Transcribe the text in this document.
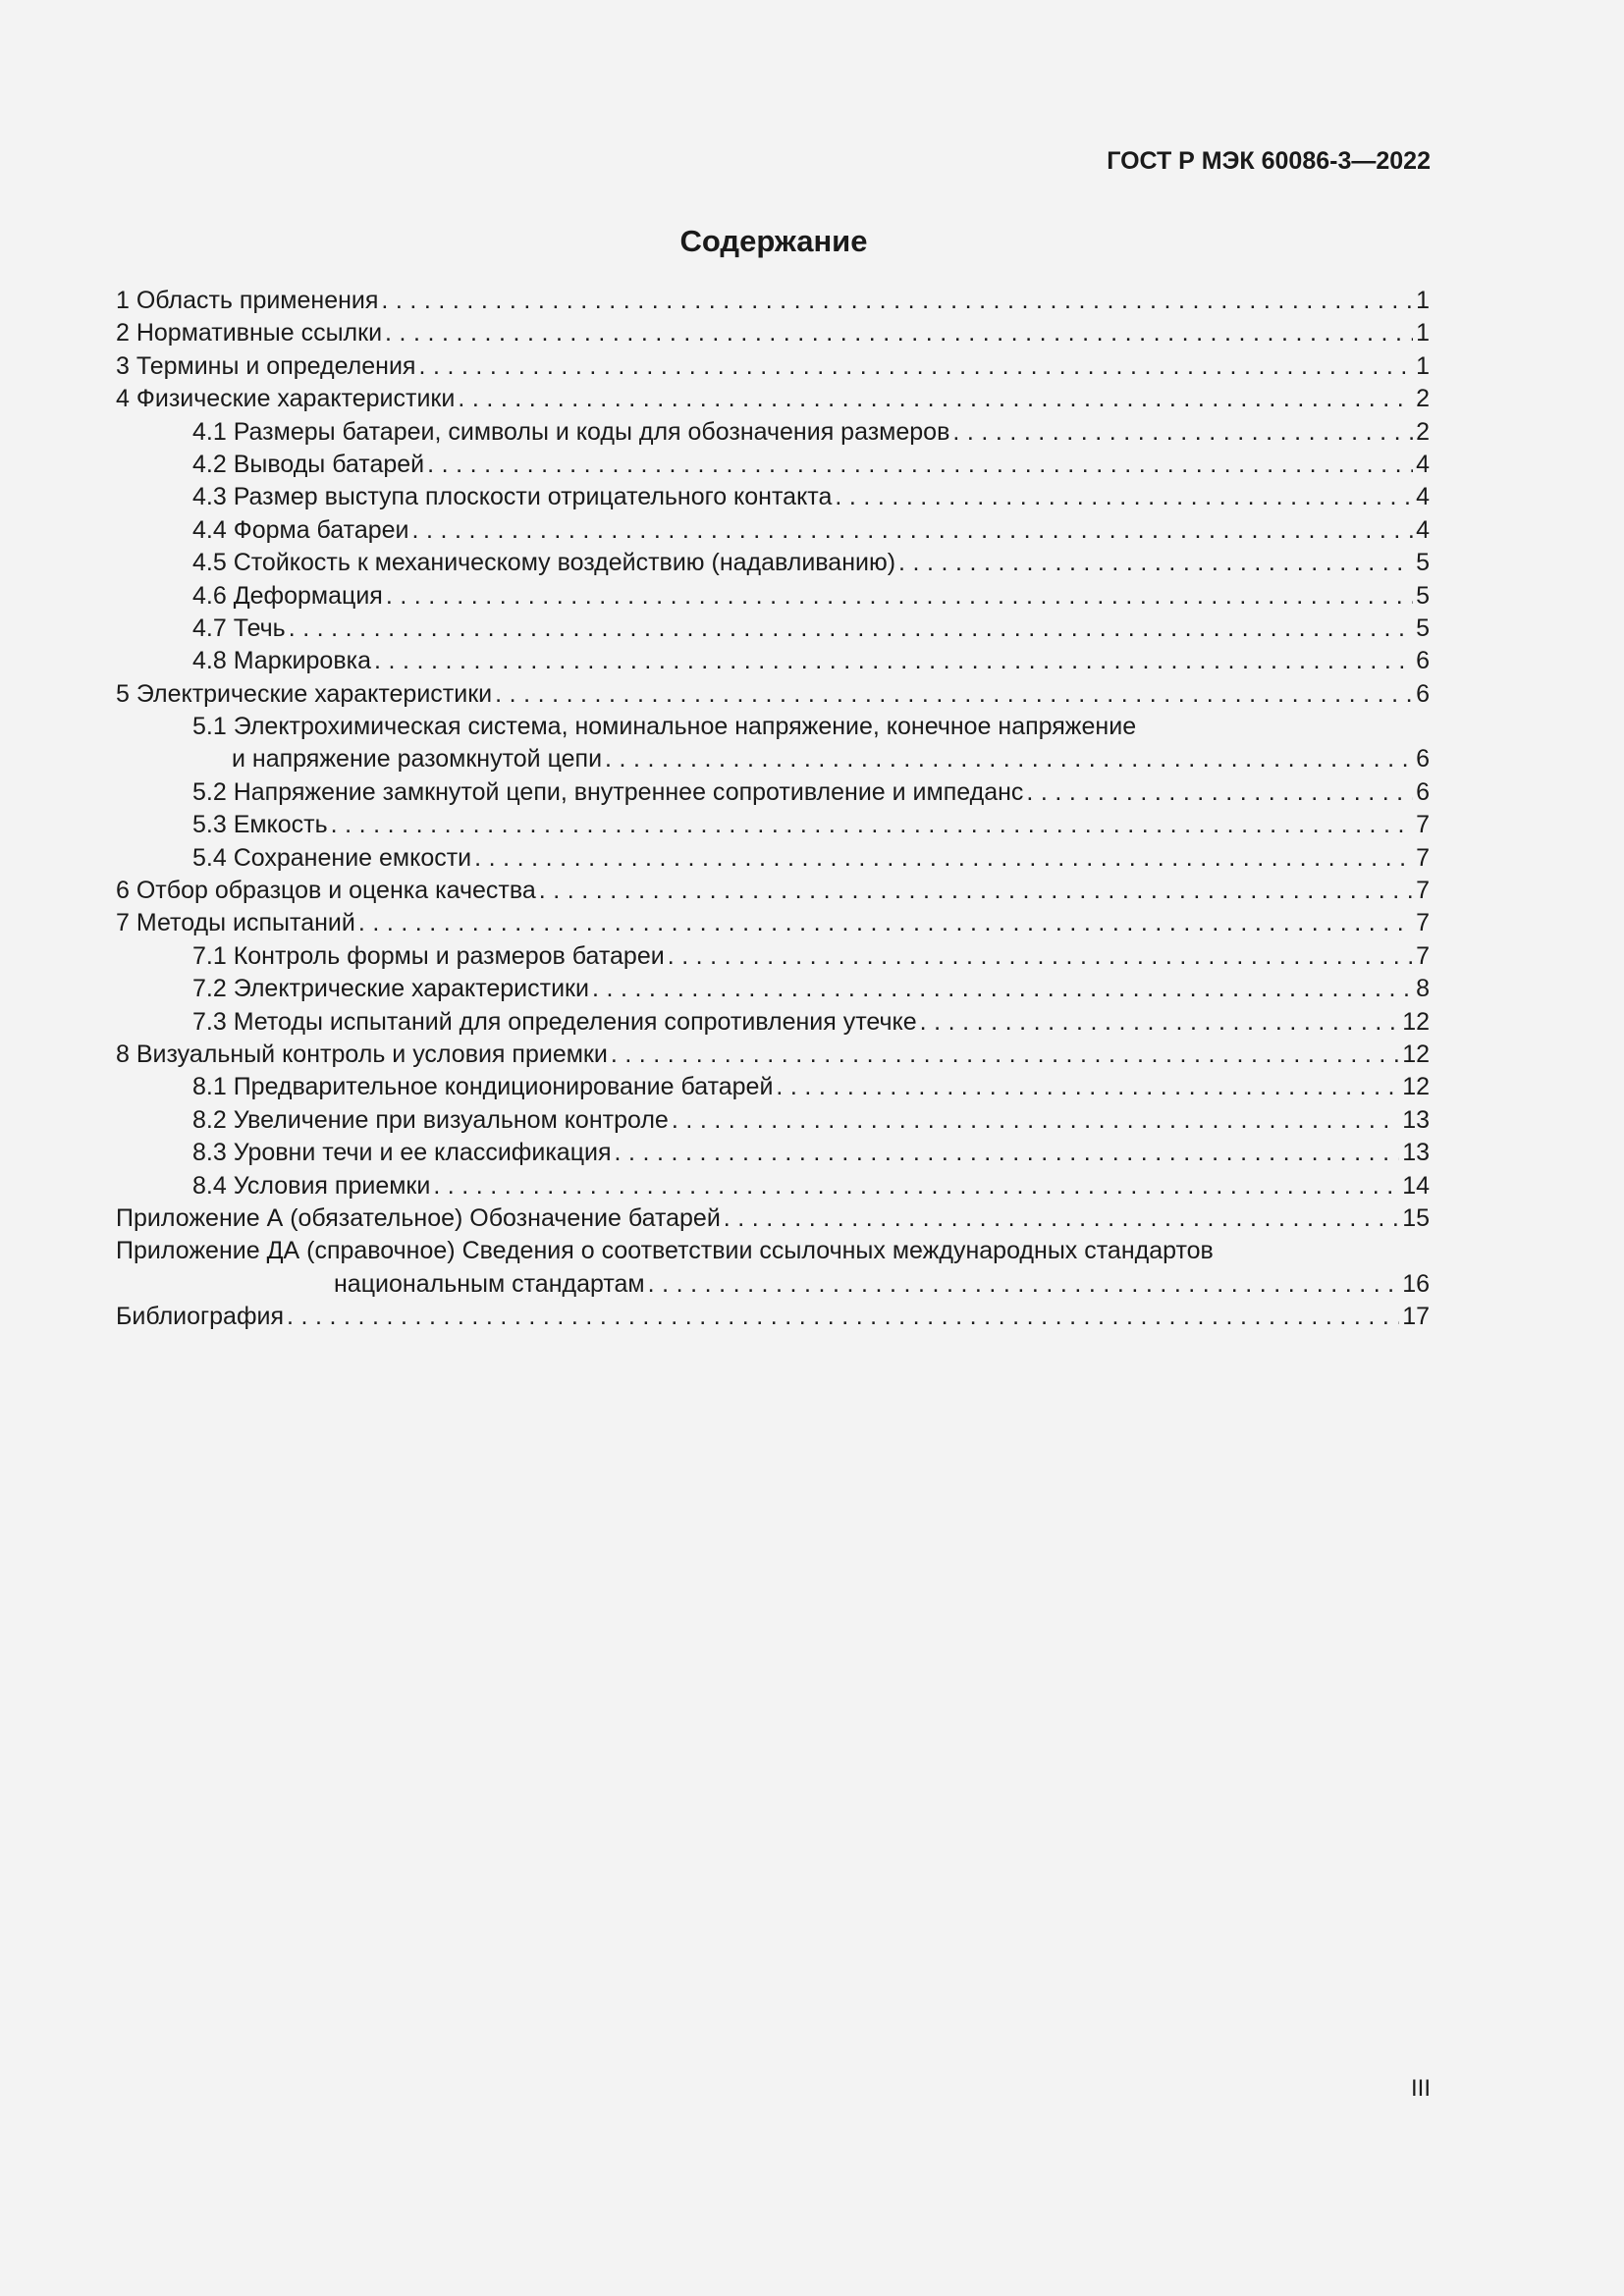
ГОСТ Р МЭК 60086-3—2022
Содержание
1 Область применения . . .	1
2 Нормативные ссылки . . .	1
3 Термины и определения . . .	1
4 Физические характеристики . . .	2
4.1 Размеры батареи, символы и коды для обозначения размеров . . .	2
4.2 Выводы батарей . . .	4
4.3 Размер выступа плоскости отрицательного контакта . . .	4
4.4 Форма батареи . . .	4
4.5 Стойкость к механическому воздействию (надавливанию) . . .	5
4.6 Деформация . . .	5
4.7 Течь . . .	5
4.8 Маркировка . . .	6
5 Электрические характеристики . . .	6
5.1 Электрохимическая система, номинальное напряжение, конечное напряжение
и напряжение разомкнутой цепи . . .	6
5.2 Напряжение замкнутой цепи, внутреннее сопротивление и импеданс . . .	6
5.3 Емкость . . .	7
5.4 Сохранение емкости . . .	7
6 Отбор образцов и оценка качества . . .	7
7 Методы испытаний . . .	7
7.1 Контроль формы и размеров батареи . . .	7
7.2 Электрические характеристики . . .	8
7.3 Методы испытаний для определения сопротивления утечке . . .	12
8 Визуальный контроль и условия приемки . . .	12
8.1 Предварительное кондиционирование батарей . . .	12
8.2 Увеличение при визуальном контроле . . .	13
8.3 Уровни течи и ее классификация . . .	13
8.4 Условия приемки . . .	14
Приложение А (обязательное) Обозначение батарей . . .	15
Приложение ДА (справочное) Сведения о соответствии ссылочных международных стандартов
национальным стандартам . . .	16
Библиография . . .	17
III
